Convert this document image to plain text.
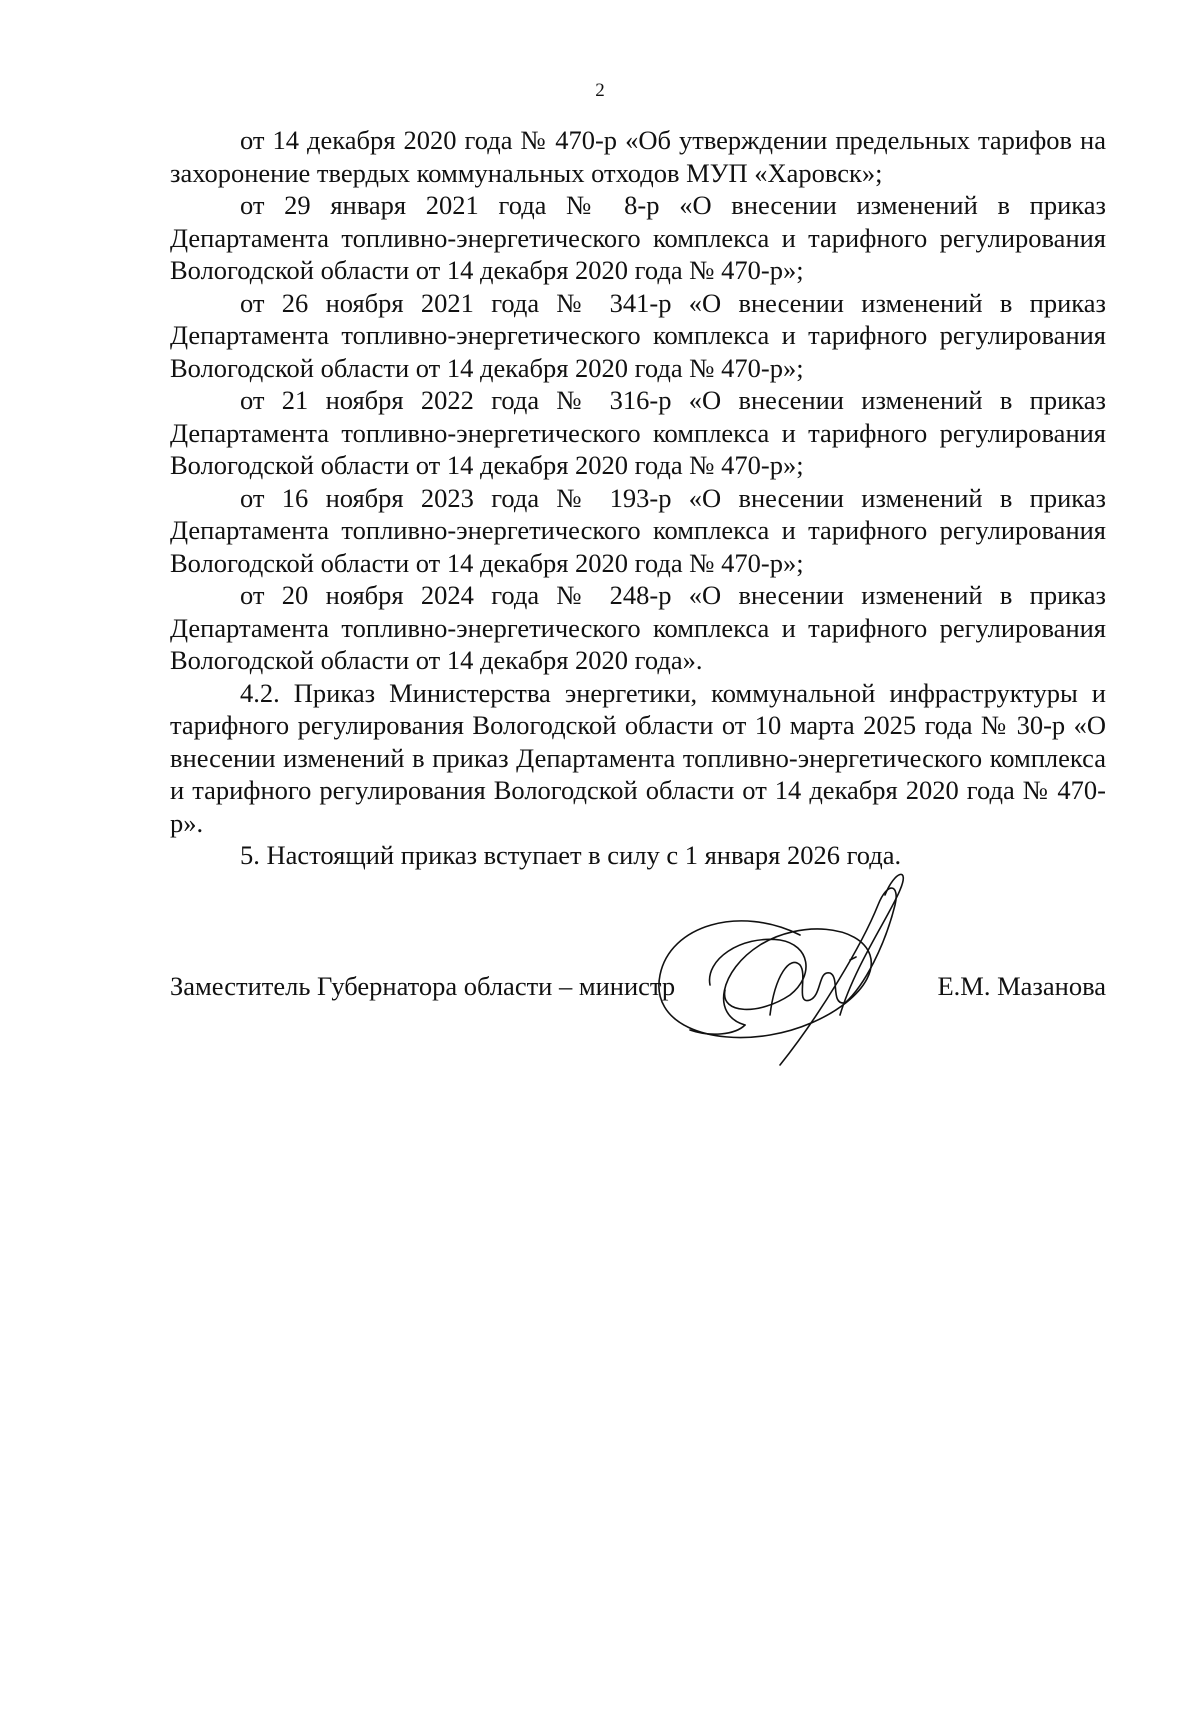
2

от 14 декабря 2020 года № 470-р «Об утверждении предельных тарифов на захоронение твердых коммунальных отходов МУП «Харовск»;

от 29 января 2021 года № 8-р «О внесении изменений в приказ Департамента топливно-энергетического комплекса и тарифного регулирования Вологодской области от 14 декабря 2020 года № 470-р»;

от 26 ноября 2021 года № 341-р «О внесении изменений в приказ Департамента топливно-энергетического комплекса и тарифного регулирования Вологодской области от 14 декабря 2020 года № 470-р»;

от 21 ноября 2022 года № 316-р «О внесении изменений в приказ Департамента топливно-энергетического комплекса и тарифного регулирования Вологодской области от 14 декабря 2020 года № 470-р»;

от 16 ноября 2023 года № 193-р «О внесении изменений в приказ Департамента топливно-энергетического комплекса и тарифного регулирования Вологодской области от 14 декабря 2020 года № 470-р»;

от 20 ноября 2024 года № 248-р «О внесении изменений в приказ Департамента топливно-энергетического комплекса и тарифного регулирования Вологодской области от 14 декабря 2020 года».

4.2. Приказ Министерства энергетики, коммунальной инфраструктуры и тарифного регулирования Вологодской области от 10 марта 2025 года № 30-р «О внесении изменений в приказ Департамента топливно-энергетического комплекса и тарифного регулирования Вологодской области от 14 декабря 2020 года № 470-р».

5. Настоящий приказ вступает в силу с 1 января 2026 года.

Заместитель Губернатора области – министр	Е.М. Мазанова
